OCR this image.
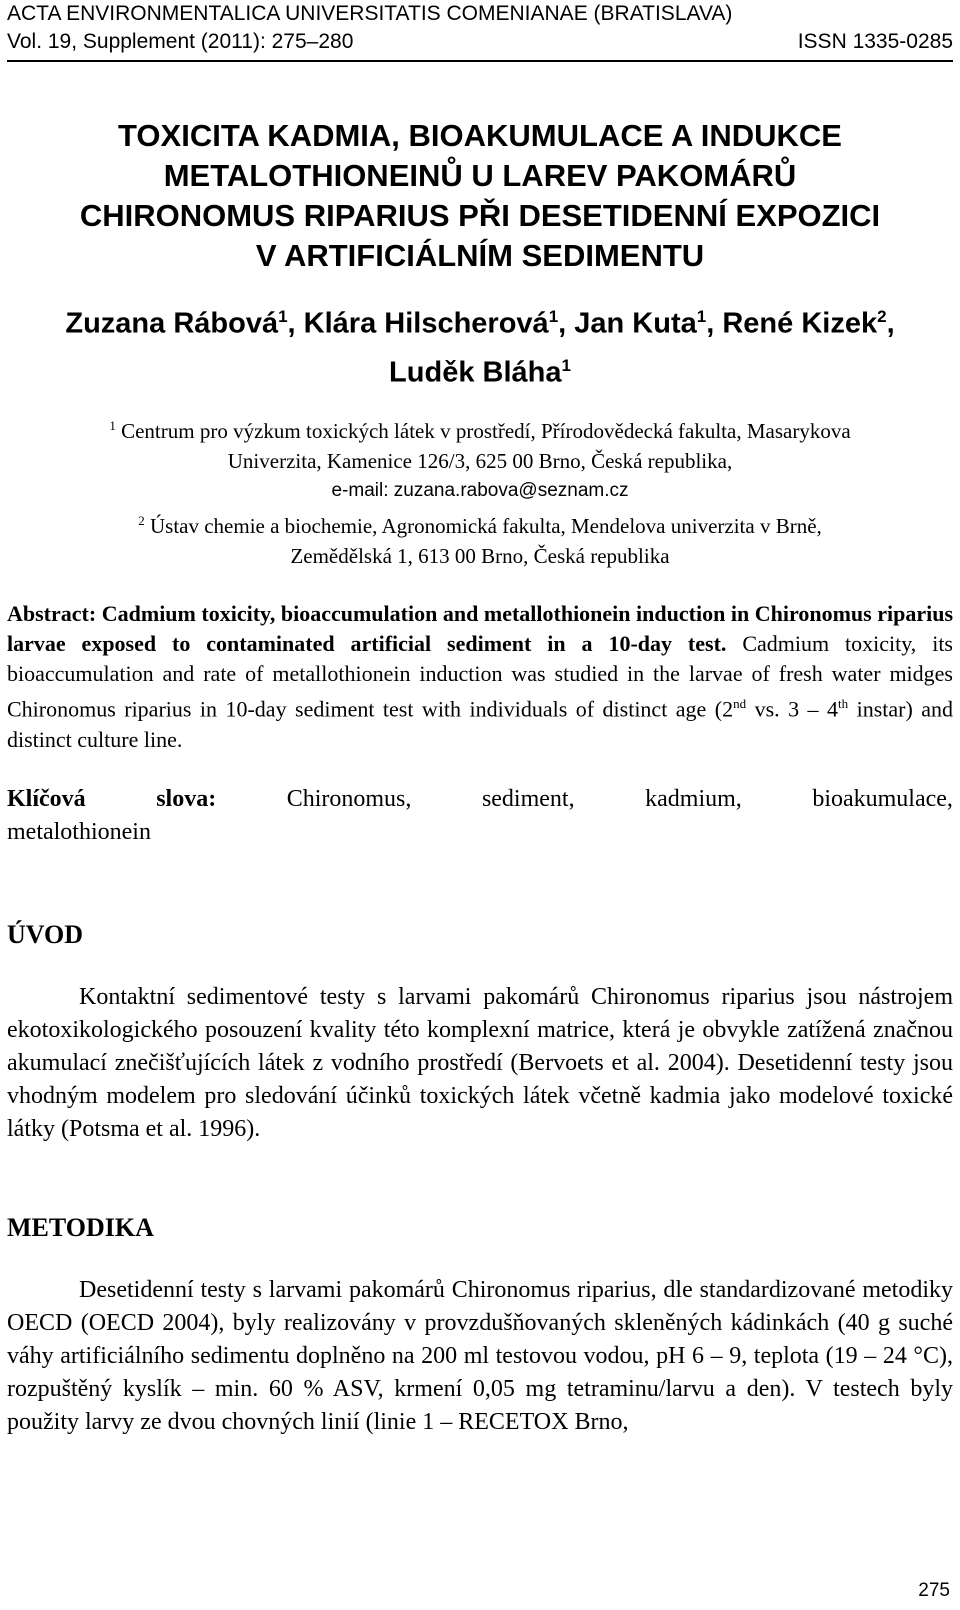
ACTA ENVIRONMENTALICA UNIVERSITATIS COMENIANAE (BRATISLAVA)
Vol. 19, Supplement (2011): 275–280	ISSN 1335-0285
TOXICITA KADMIA, BIOAKUMULACE A INDUKCE
METALOTHIONEINŮ U LAREV PAKOMÁRŮ
CHIRONOMUS RIPARIUS PŘI DESETIDENNÍ EXPOZICI
V ARTIFICIÁLNÍM SEDIMENTU
Zuzana Rábová$^1$, Klára Hilscherová$^1$, Jan Kuta$^1$, René Kizek$^2$,
Luděk Bláha$^1$
$^1$ Centrum pro výzkum toxických látek v prostředí, Přírodovědecká fakulta, Masarykova
Univerzita, Kamenice 126/3, 625 00 Brno, Česká republika,
e-mail: zuzana.rabova@seznam.cz
$^2$ Ústav chemie a biochemie, Agronomická fakulta, Mendelova univerzita v Brně,
Zemědělská 1, 613 00 Brno, Česká republika
Abstract: Cadmium toxicity, bioaccumulation and metallothionein induction in Chironomus riparius larvae exposed to contaminated artificial sediment in a 10-day test. Cadmium toxicity, its bioaccumulation and rate of metallothionein induction was studied in the larvae of fresh water midges Chironomus riparius in 10-day sediment test with individuals of distinct age (2nd vs. 3 – 4th instar) and distinct culture line.
Klíčová	slova:	Chironomus,	sediment,	kadmium,	bioakumulace,
metalothionein
ÚVOD
Kontaktní sedimentové testy s larvami pakomárů Chironomus riparius jsou nástrojem ekotoxikologického posouzení kvality této komplexní matrice, která je obvykle zatížená značnou akumulací znečišťujících látek z vodního prostředí (Bervoets et al. 2004). Desetidenní testy jsou vhodným modelem pro sledování účinků toxických látek včetně kadmia jako modelové toxické látky (Potsma et al. 1996).
METODIKA
Desetidenní testy s larvami pakomárů Chironomus riparius, dle standardizované metodiky OECD (OECD 2004), byly realizovány v provzdušňovaných skleněných kádinkách (40 g suché váhy artificiálního sedimentu doplněno na 200 ml testovou vodou, pH 6 – 9, teplota (19 – 24 °C), rozpuštěný kyslík – min. 60 % ASV, krmení 0,05 mg tetraminu/larvu a den). V testech byly použity larvy ze dvou chovných linií (linie 1 – RECETOX Brno,
275
